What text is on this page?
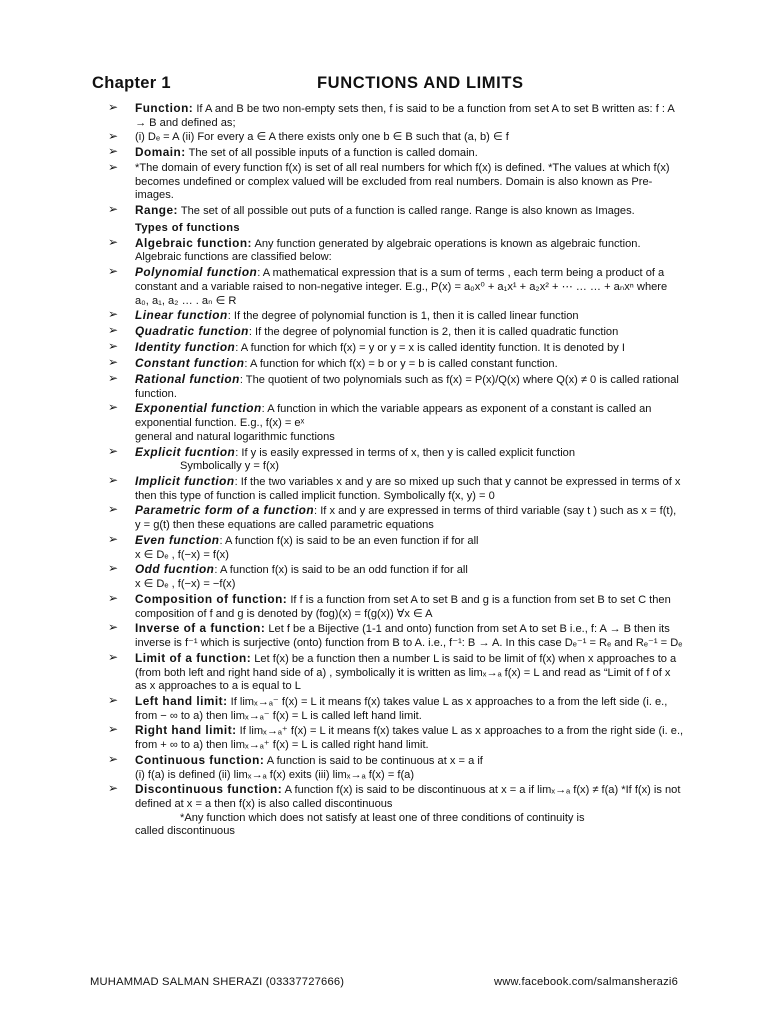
Chapter 1	FUNCTIONS AND LIMITS
➢ Function: If A and B be two non-empty sets then, f is said to be a function from set A to set B written as: f : A → B and defined as;
➢ (i) Dₑ = A (ii) For every a ∈ A there exists only one b ∈ B such that (a, b) ∈ f
➢ Domain: The set of all possible inputs of a function is called domain.
➢ *The domain of every function f(x) is set of all real numbers for which f(x) is defined. *The values at which f(x) becomes undefined or complex valued will be excluded from real numbers. Domain is also known as Pre-images.
➢ Range: The set of all possible out puts of a function is called range. Range is also known as Images.
Types of functions
➢ Algebraic function: Any function generated by algebraic operations is known as algebraic function. Algebraic functions are classified below:
➢ Polynomial function: A mathematical expression that is a sum of terms , each term being a product of a constant and a variable raised to non-negative integer. E.g., P(x) = a₀x⁰ + a₁x¹ + a₂x² + ⋯ … … + aₙxⁿ where a₀, a₁, a₂ … . aₙ ∈ R
➢ Linear function: If the degree of polynomial function is 1, then it is called linear function
➢ Quadratic function: If the degree of polynomial function is 2, then it is called quadratic function
➢ Identity function: A function for which f(x) = y or y = x is called identity function. It is denoted by I
➢ Constant function: A function for which f(x) = b or y = b is called constant function.
➢ Rational function: The quotient of two polynomials such as f(x) = P(x)/Q(x) where Q(x) ≠ 0 is called rational function.
➢ Exponential function: A function in which the variable appears as exponent of a constant is called an exponential function. E.g., f(x) = eˣ
general and natural logarithmic functions
➢ Explicit fucntion: If y is easily expressed in terms of x, then y is called explicit function
Symbolically y = f(x)
➢ Implicit function: If the two variables x and y are so mixed up such that y cannot be expressed in terms of x then this type of function is called implicit function. Symbolically f(x, y) = 0
➢ Parametric form of a function: If x and y are expressed in terms of third variable (say t ) such as x = f(t), y = g(t) then these equations are called parametric equations
➢ Even function: A function f(x) is said to be an even function if for all
x ∈ Dₑ , f(−x) = f(x)
➢ Odd fucntion: A function f(x) is said to be an odd function if for all
x ∈ Dₑ , f(−x) = −f(x)
➢ Composition of function: If f is a function from set A to set B and g is a function from set B to set C then composition of f and g is denoted by (fog)(x) = f(g(x)) ∀x ∈ A
➢ Inverse of a function: Let f be a Bijective (1-1 and onto) function from set A to set B i.e., f: A → B then its inverse is f⁻¹ which is surjective (onto) function from B to A. i.e., f⁻¹: B → A. In this case Dₑ⁻¹ = Rₑ and Rₑ⁻¹ = Dₑ
➢ Limit of a function: Let f(x) be a function then a number L is said to be limit of f(x) when x approaches to a (from both left and right hand side of a) , symbolically it is written as limₓ→ₐ f(x) = L and read as “Limit of f of x as x approaches to a is equal to L
➢ Left hand limit: If limₓ→ₐ⁻ f(x) = L it means f(x) takes value L as x approaches to a from the left side (i. e., from − ∞ to a) then limₓ→ₐ⁻ f(x) = L is called left hand limit.
➢ Right hand limit: If limₓ→ₐ⁺ f(x) = L it means f(x) takes value L as x approaches to a from the right side (i. e., from + ∞ to a) then limₓ→ₐ⁺ f(x) = L is called right hand limit.
➢ Continuous function: A function is said to be continuous at x = a if
(i) f(a) is defined (ii) limₓ→ₐ f(x) exits (iii) limₓ→ₐ f(x) = f(a)
➢ Discontinuous function: A function f(x) is said to be discontinuous at x = a if limₓ→ₐ f(x) ≠ f(a) *If f(x) is not defined at x = a then f(x) is also called discontinuous
*Any function which does not satisfy at least one of three conditions of continuity is
called discontinuous
MUHAMMAD SALMAN SHERAZI (03337727666)	www.facebook.com/salmansherazi6
